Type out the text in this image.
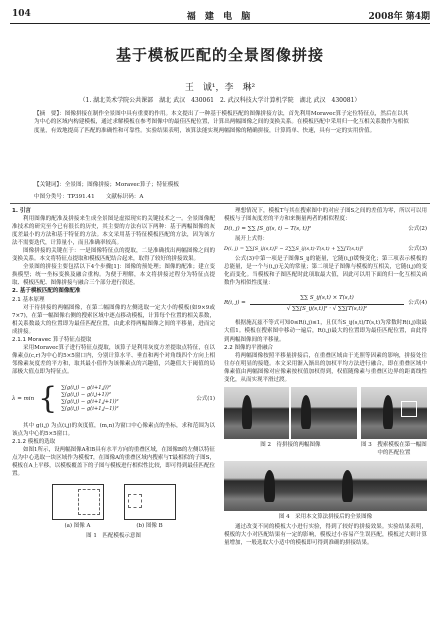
104	福 建 电 脑	2008年 第4期
基于模板匹配的全景图像拼接
王　诚¹，李　琳²
（1. 湖北美术学院公共课部　湖北 武汉　430061　2. 武汉科技大学计算机学院　湖北 武汉　430081）
【摘　要】：图像拼接在制作全景图中具有重要的作用。本文提出了一种基于模板匹配的图像拼接方法，首先利用Moravec算子定位特征点，然后在以其为中心的区域内构建模板，通过求解模板在参考图像中的最佳匹配位置，计算出两幅图像之间的变换关系。在模板匹配中采用归一化互相关系数作为相似度量，有效地提高了匹配的准确性和可靠性。实验结果表明，该算法能实现两幅图像的精确拼接，计算简单、快速，具有一定的实用价值。
【关键词】：全景图；图像拼接；Moravec算子；特征模板
中图分类号：TP391.41　　文献标识码：A

1. 引言

利用图像的配准及拼接来生成全景图是虚拟现实的关键技术之一。全景图像配准技术的研究至今已有很长的历史，其主要的方法有以下两种：基于两幅图像的灰度差最小的方法和基于特征的方法。本文采用基于特征模板匹配的方法，因为该方法不需要迭代，计算量小，而且准确率较高。

图像拼接的关键在于：一是图像特征点的提取，二是准确找出两幅图像之间的变换关系。本文将特征点提取和模板匹配结合起来，取得了较好的拼接效果。

全景图的拼接主要包括以下4个步骤[1]：图像的预处理；图像的配准；建立变换模型；统一坐标变换及融合重构。为便于理解，本文将拼接过程分为特征点提取、模板匹配、图像拼接与融合三个部分进行叙述。

2. 基于模板匹配的图像配准

2.1 基本原理

对于待拼接的两幅图像，在第二幅图像的左侧选取一定大小的模板(如9×9或7×7)，在第一幅图像右侧的搜索区域中逐点移动模板，计算每个位置的相关系数，相关系数最大的位置即为最佳匹配位置，由此求得两幅图像之间的平移量，进而完成拼接。

2.1.1 Moravec 算子特征点提取

采用Moravec算子进行特征点提取，该算子是利用灰度方差提取点特征，在以像素点(c,r)为中心的5×5窗口内，分别计算水平、垂直和两个对角线四个方向上相邻像素灰度差的平方和，取其最小值作为该像素点的兴趣值，兴趣值大于阈值的局部极大值点即为特征点。

λ = min { ∑(g(i,j) − g(i+1,j))²
∑(g(i,j) − g(i,j+1))²
∑(g(i,j) − g(i+1,j+1))²
∑(g(i,j) − g(i+1,j−1))²
公式(1)

其中 g(i,j) 为点(i,j)的灰度值，(m,n)为窗口中心像素点的坐标，求和范围为以该点为中心的5×5窗口。

2.1.2 模板的选取

如图1所示，设两幅图像A和B具有水平方向的重叠区域，在图像B的左侧以特征点为中心选取一块区域作为模板T，在图像A的重叠区域内搜索与T最相似的子图S，模板在A上平移，以模板覆盖下的子图与模板进行相似性比较，即可得到最佳匹配位置。

(a) 图像 A	(b) 图像 B
图 1　匹配模板示意图

理想情况下，模板T与其在搜索图中的对应子图S之间的差值为零，所以可以用模板与子图灰度差的平方和来衡量两者的相似程度：

D(i, j) = ∑∑ [S_ij(s, t) − T(s, t)]²	公式(2)

展开上式得：

D(i, j) = ∑∑[S_ij(s,t)]² − 2∑∑S_ij(s,t)·T(s,t) + ∑∑[T(s,t)]²	公式(3)

公式(3)中第一项是子图像S_ij的能量，它随(i,j)缓慢变化；第三项表示模板的总能量，是一个与(i,j)无关的常量；第二项是子图像与模板的互相关，它随(i,j)的变化而变化。当模板和子图匹配时此项取最大值，因此可以用下面的归一化互相关函数作为相似性度量：

R(i, $j) = \frac{\sum\sum S\_ij(s,t) \times T(s,t)}{\text{√ ∑∑[S\_ij(s,t)]² · √ ∑∑[T(s,t)]²}}$ 公式(4)

根据施瓦兹不等式可知0≤R(i,j)≤1，且仅当S_ij(s,t)/T(s,t)为常数时R(i,j)取最大值1。模板在搜索图中移动一遍后，R(i,j)最大的位置即为最佳匹配位置，由此得到两幅图像间的平移量。

2.2 图像的平滑融合

将两幅图像按照平移量拼接后，在重叠区域由于光照等因素的影响，拼接处往往存在明显的接缝。本文采用渐入渐出的加权平均方法进行融合，即在重叠区域中像素值由两幅图像对应像素按权值加权得到，权值随像素与重叠区边界的距离线性变化，从而实现平滑过渡。

图 2　待拼接的两幅图像	图 3　搜索模板在第一幅图中的匹配位置
图 4　采用本文算法拼接后的全景图像

通过改变不同的模板大小进行实验，得到了较好的拼接效果。实验结果表明，模板的大小对匹配结果有一定的影响，模板过小容易产生误匹配，模板过大则计算量增加，一般选取大小适中的模板即可得到准确的拼接结果。
